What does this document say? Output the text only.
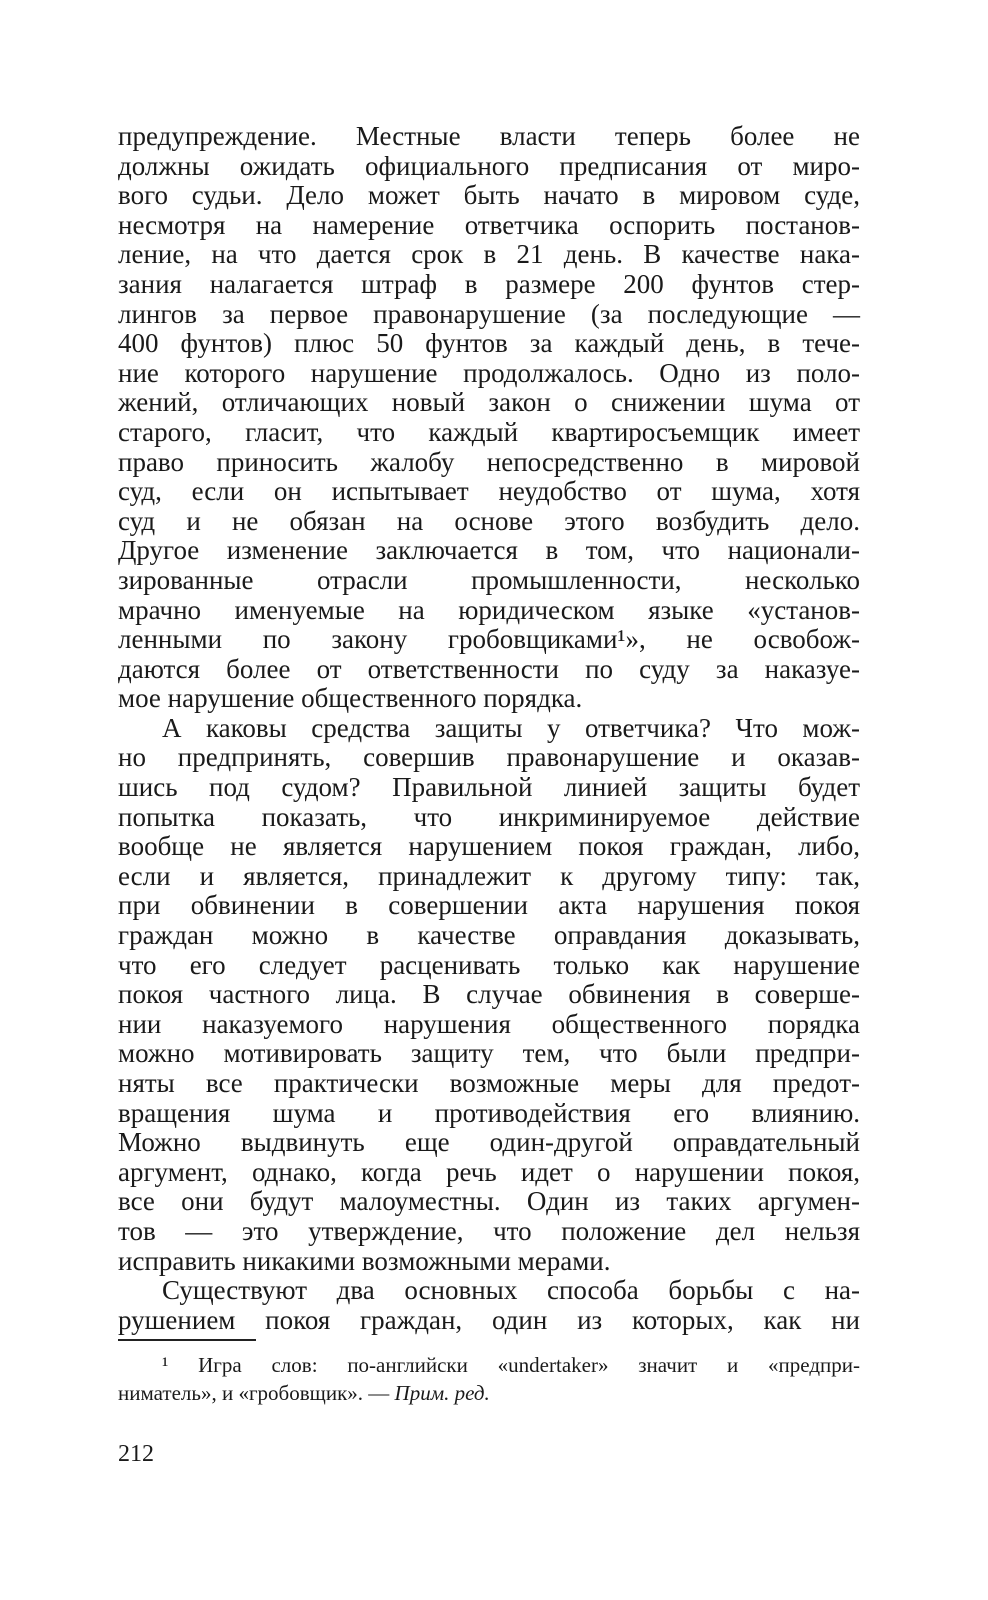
предупреждение. Местные власти теперь более не
должны ожидать официального предписания от миро-
вого судьи. Дело может быть начато в мировом суде,
несмотря на намерение ответчика оспорить постанов-
ление, на что дается срок в 21 день. В качестве нака-
зания налагается штраф в размере 200 фунтов стер-
лингов за первое правонарушение (за последующие —
400 фунтов) плюс 50 фунтов за каждый день, в тече-
ние которого нарушение продолжалось. Одно из поло-
жений, отличающих новый закон о снижении шума от
старого, гласит, что каждый квартиросъемщик имеет
право приносить жалобу непосредственно в мировой
суд, если он испытывает неудобство от шума, хотя
суд и не обязан на основе этого возбудить дело.
Другое изменение заключается в том, что национали-
зированные отрасли промышленности, несколько
мрачно именуемые на юридическом языке «установ-
ленными по закону гробовщиками¹», не освобож-
даются более от ответственности по суду за наказуе-
мое нарушение общественного порядка.
А каковы средства защиты у ответчика? Что мож-
но предпринять, совершив правонарушение и оказав-
шись под судом? Правильной линией защиты будет
попытка показать, что инкриминируемое действие
вообще не является нарушением покоя граждан, либо,
если и является, принадлежит к другому типу: так,
при обвинении в совершении акта нарушения покоя
граждан можно в качестве оправдания доказывать,
что его следует расценивать только как нарушение
покоя частного лица. В случае обвинения в соверше-
нии наказуемого нарушения общественного порядка
можно мотивировать защиту тем, что были предпри-
няты все практически возможные меры для предот-
вращения шума и противодействия его влиянию.
Можно выдвинуть еще один-другой оправдательный
аргумент, однако, когда речь идет о нарушении покоя,
все они будут малоуместны. Один из таких аргумен-
тов — это утверждение, что положение дел нельзя
исправить никакими возможными мерами.
Существуют два основных способа борьбы с на-
рушением покоя граждан, один из которых, как ни
¹ Игра слов: по-английски «undertaker» значит и «предпри-
ниматель», и «гробовщик». — Прим. ред.
212
